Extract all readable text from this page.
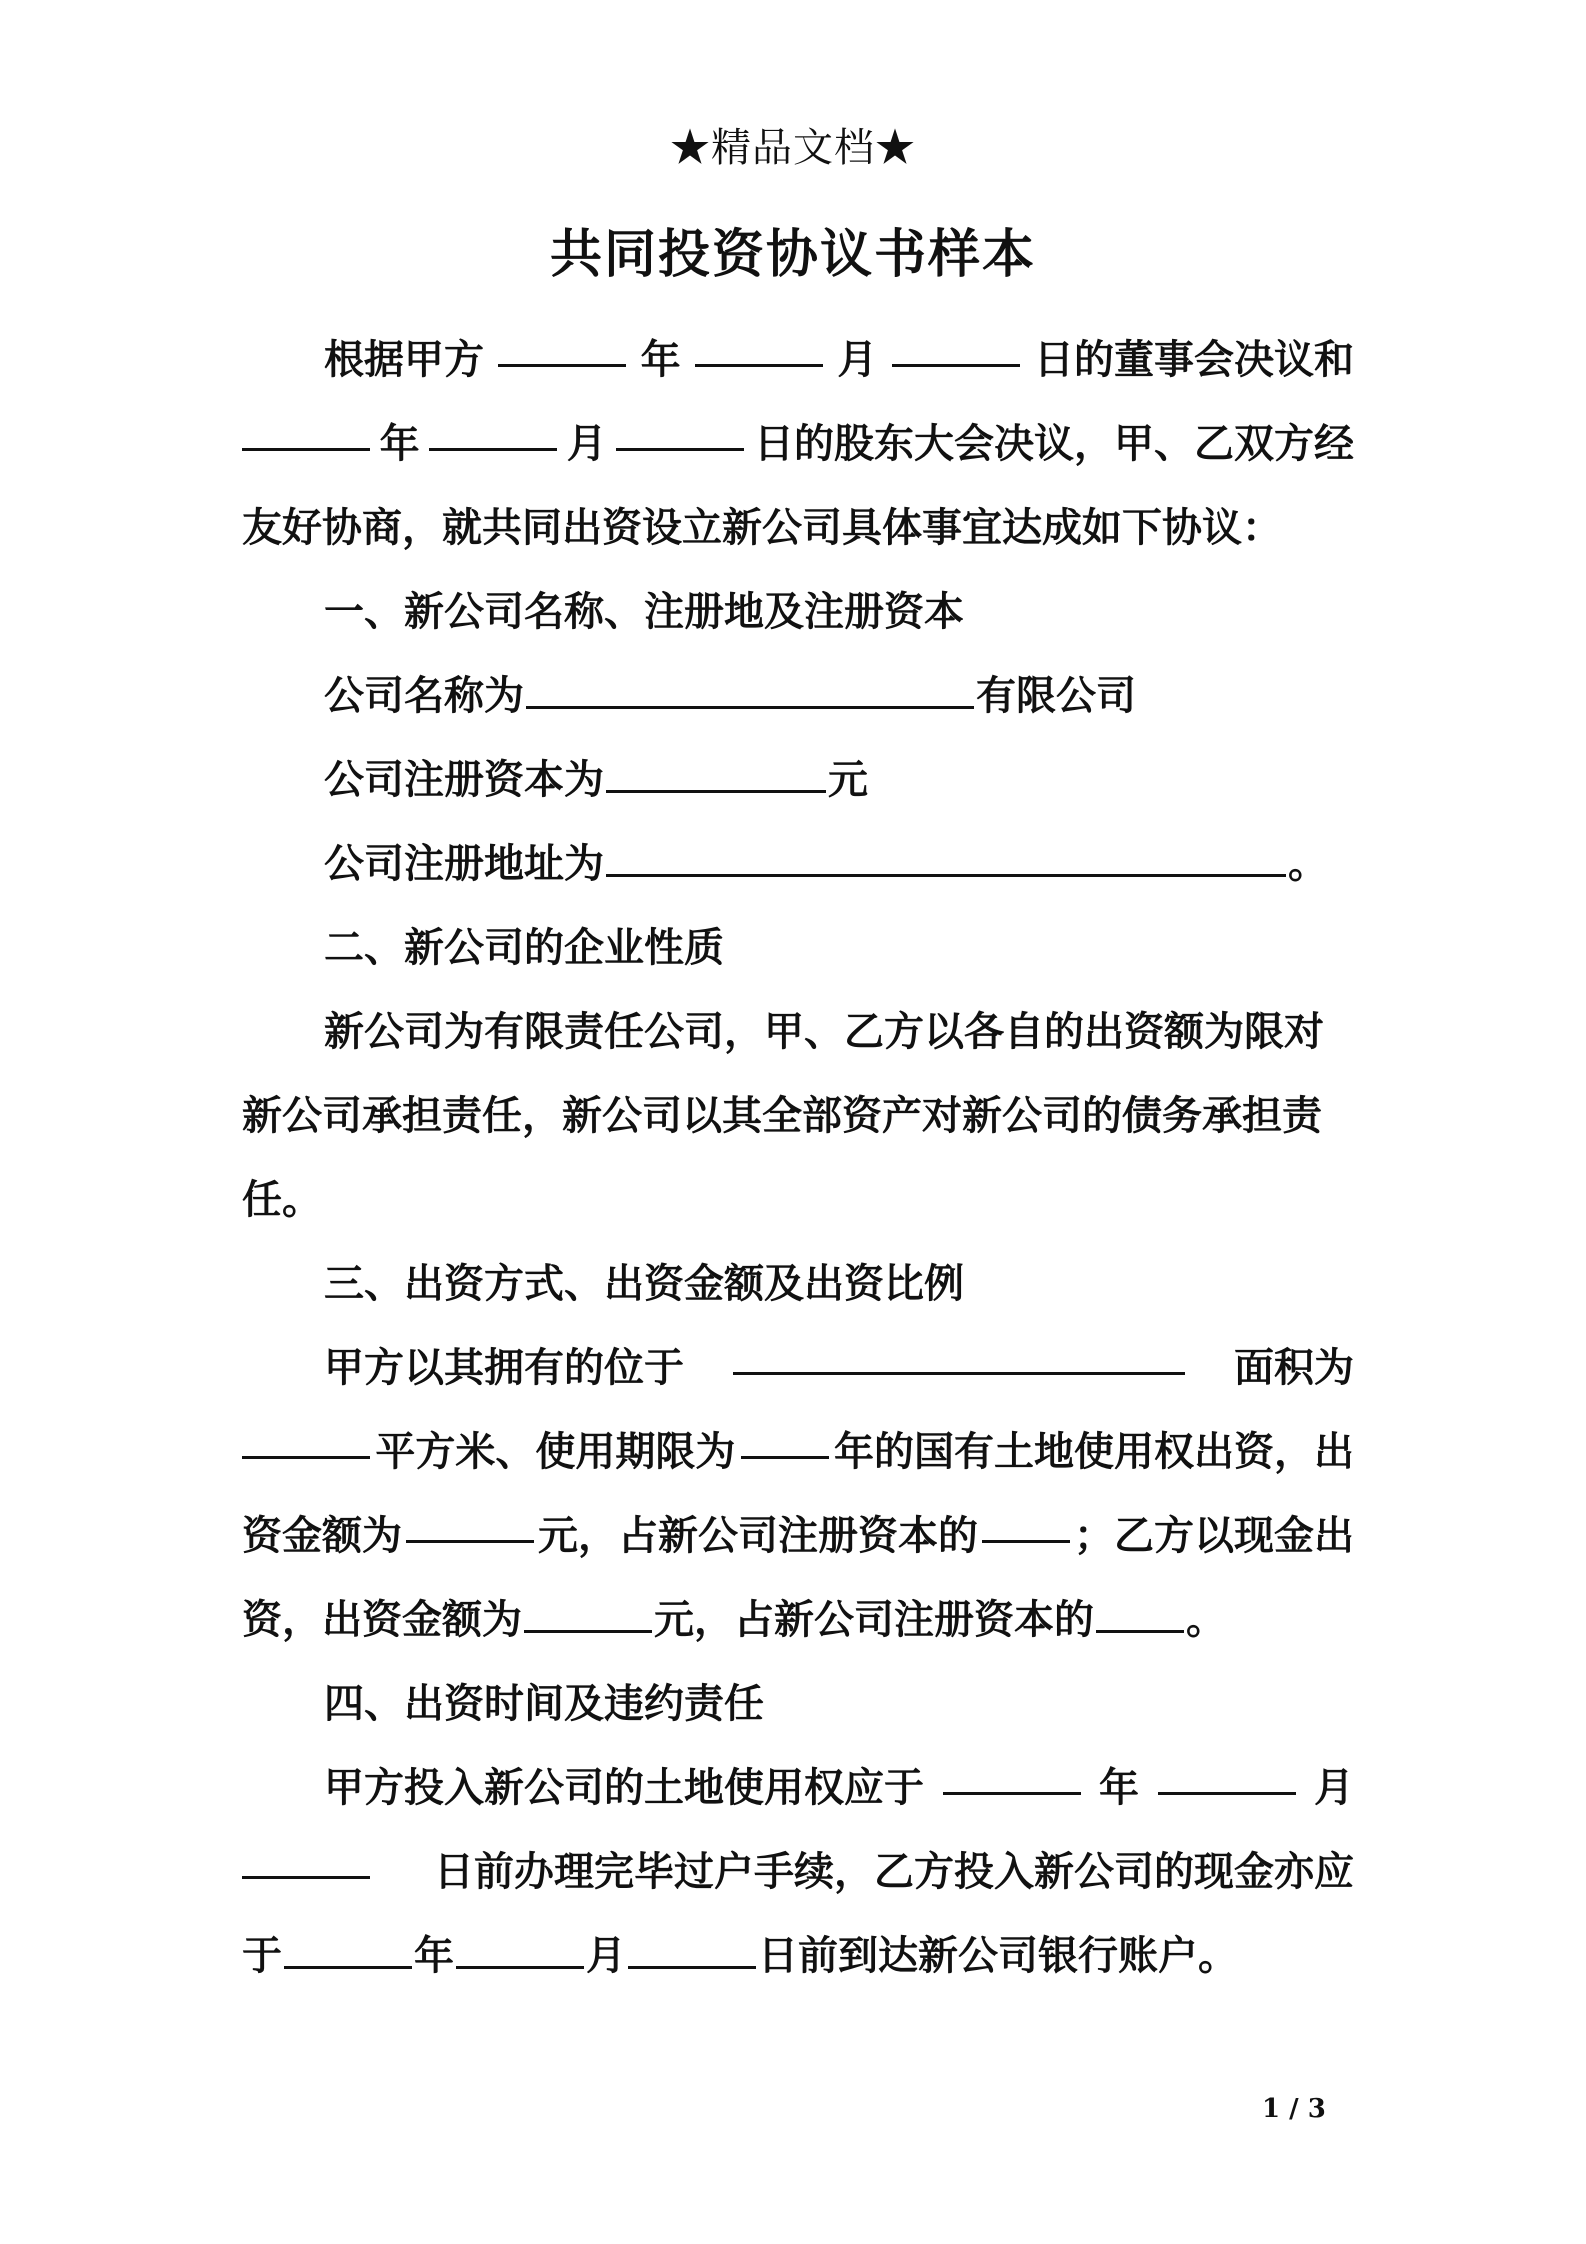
★精品文档★
共同投资协议书样本
根据甲方	年	月	日的董事会决议和
年	月	日的股东大会决议，甲、乙双方经
友好协商，就共同出资设立新公司具体事宜达成如下协议：
一、新公司名称、注册地及注册资本
公司名称为	有限公司
公司注册资本为	元
公司注册地址为	。
二、新公司的企业性质
新公司为有限责任公司，甲、乙方以各自的出资额为限对
新公司承担责任，新公司以其全部资产对新公司的债务承担责
任。
三、出资方式、出资金额及出资比例
甲方以其拥有的位于	面积为
平方米、使用期限为 年的国有土地使用权出资，出
资金额为	元，占新公司注册资本的 ；乙方以现金出
资，出资金额为	元，占新公司注册资本的 。
四、出资时间及违约责任
甲方投入新公司的土地使用权应于	年	月
日前办理完毕过户手续，乙方投入新公司的现金亦应
于	年	月	日前到达新公司银行账户。
1 / 3
